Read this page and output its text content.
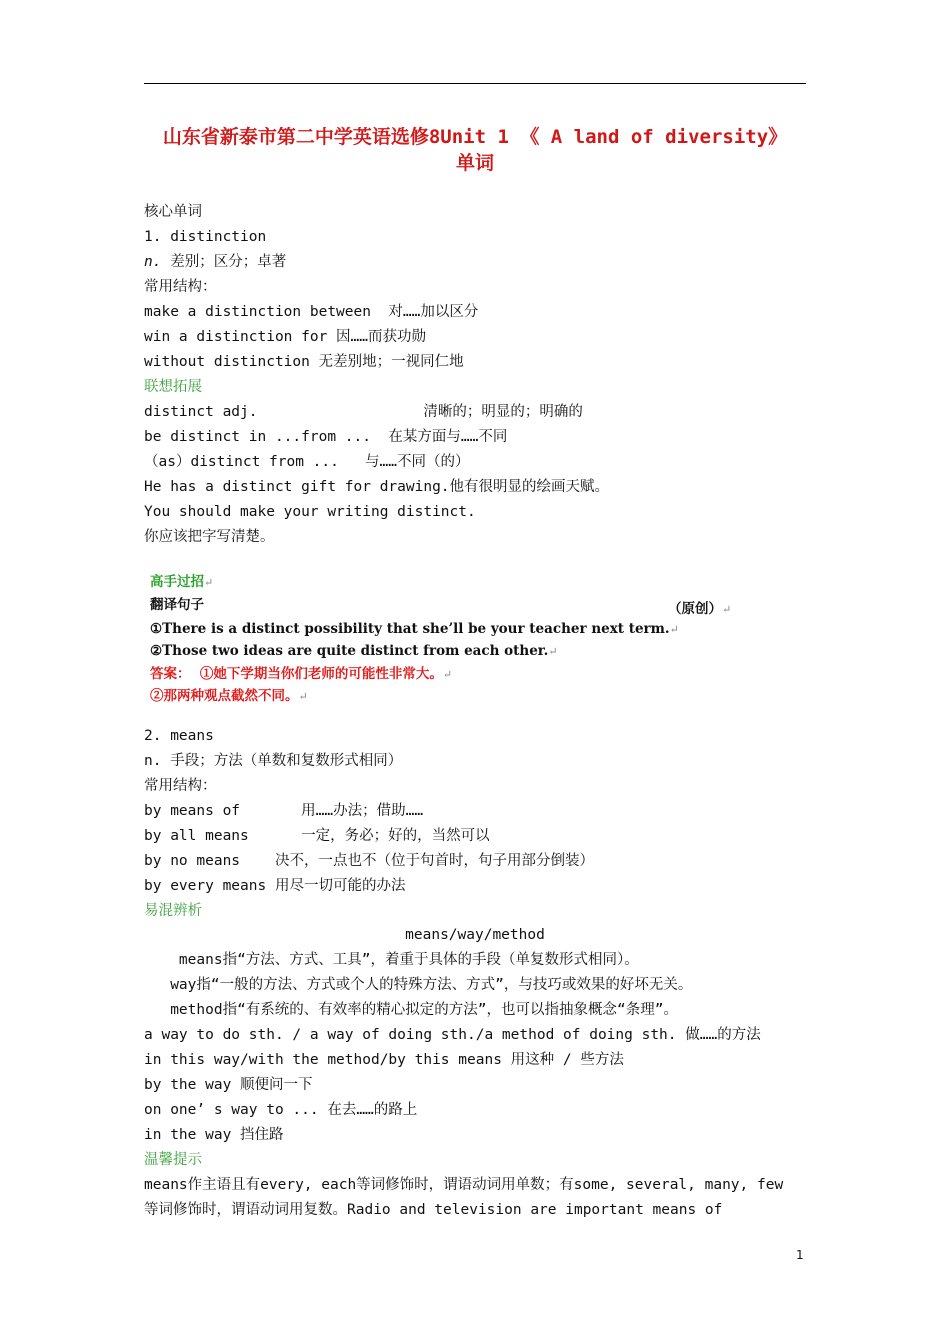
山东省新泰市第二中学英语选修8Unit 1 《 A land of diversity》
单词
核心单词
1. distinction
n. 差别；区分；卓著
常用结构：
make a distinction between  对……加以区分
win a distinction for 因……而获功勋
without distinction 无差别地；一视同仁地
联想拓展
distinct adj.                   清晰的；明显的；明确的
be distinct in ...from ...  在某方面与……不同
（as）distinct from ...   与……不同（的）
He has a distinct gift for drawing.他有很明显的绘画天赋。
You should make your writing distinct.
你应该把字写清楚。
2. means
n. 手段；方法（单数和复数形式相同）
常用结构：
by means of       用……办法；借助……
by all means      一定，务必；好的，当然可以
by no means    决不，一点也不（位于句首时，句子用部分倒装）
by every means 用尽一切可能的办法
易混辨析
means指“方法、方式、工具”，着重于具体的手段（单复数形式相同）。
way指“一般的方法、方式或个人的特殊方法、方式”，与技巧或效果的好坏无关。
method指“有系统的、有效率的精心拟定的方法”，也可以指抽象概念“条理”。
a way to do sth. / a way of doing sth./a method of doing sth. 做……的方法
in this way/with the method/by this means 用这种 / 些方法
by the way 顺便问一下
on one’ s way to ... 在去……的路上
in the way 挡住路
温馨提示
means作主语且有every, each等词修饰时，谓语动词用单数；有some, several, many, few
等词修饰时，谓语动词用复数。Radio and television are important means of
means/way/method
高手过招↵
翻译句子	（原创）↵
①There is a distinct possibility that she’ll be your teacher next term.↵
②Those two ideas are quite distinct from each other.↵
答案：  ①她下学期当你们老师的可能性非常大。↵
②那两种观点截然不同。↵
1
